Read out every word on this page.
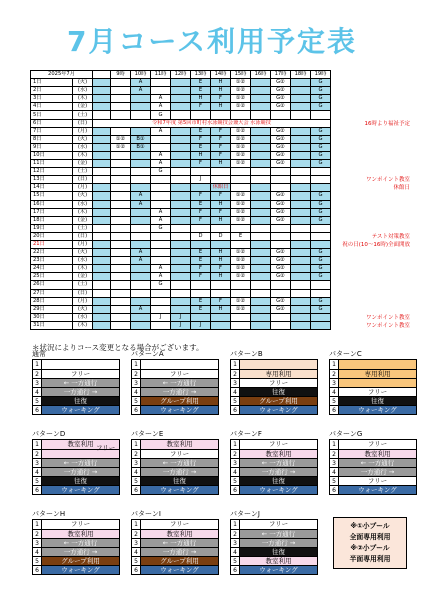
7月コース利用予定表
2025年7月			9時	10時	11時	12時	13時	14時	15時	16時	17時	18時	19時	
1日	(火)			A			E	H	①②		G②		G	
2日	(水)			A			E	H	①②		G②		G	
3日	(木)				A		H	F	①②		G②		G	
4日	(金)				A		F	H	①②		G②		G	
5日	(土)				G									
6日	(日)	令和7年度 第5回市町村水泳競技会兼大会 水泳競技												
7日	(月)				A		E	F	①②		G②		G	
8日	(火)		①②	B①			F	F	①②		G②		G	
9日	(水)		①②	B①			E	F	①②		G②		G	
10日	(木)				A		H	F	①②		G②		G	
11日	(金)				A		F	H	①②		G②		G	
12日	(土)				G									
13日	(日)						J							
14日	(月)							休館日						
15日	(火)			A			F	F	①②		G②		G	
16日	(水)			A			E	H	①②		G②		G	
17日	(木)				A		F	F	①②		G②		G	
18日	(金)				A		F	H	①②		G②		G	
19日	(土)				G									
20日	(日)						D	D	E					
21日	(月)													
22日	(火)			A			E	H	①②		G②		G	
23日	(水)			A			E	H	①②		G②		G	
24日	(木)				A		F	F	①②		G②		G	
25日	(金)				A		F	H	①②		G②		G	
26日	(土)				G									
27日	(日)													
28日	(月)						E	F	①②		G②		G	
29日	(火)			A			E	H	①②		G②		G	
30日	(水)				J	J								
31日	(木)					J	J							
＊状況によりコース変更となる場合がございます。
通常
1
2	フリー
3	← 一方通行
4	一方通行 →
5	往復
6	ウォーキング
パターンA
1
2	フリー
3	← 一方通行
4	一方通行 →
5	グループ利用
6	ウォーキング
パターンB
1
2	専用利用
3	フリー
4	往復
5	グループ利用
6	ウォーキング
パターンC
1
2	専用利用
3
4	フリー
5	往復
6	ウォーキング
パターンD
1	教室利用
2
3	← 一方通行
4	一方通行 →
5	往復
6	ウォーキング
フリー
パターンE
1	教室利用
2	フリー
3	← 一方通行
4	一方通行 →
5	往復
6	ウォーキング
パターンF
1	フリー
2	教室利用
3	← 一方通行
4	一方通行 →
5	往復
6	ウォーキング
パターンG
1	フリー
2	教室利用
3	← 一方通行
4	一方通行 →
5	フリー
6	ウォーキング
パターンH
1	フリー
2	教室利用
3	← 一方通行
4	一方通行 →
5	グループ利用
6	ウォーキング
パターンI
1	フリー
2	教室利用
3	← 一方通行
4	一方通行 →
5	グループ利用
6	ウォーキング
パターンJ
1	フリー
2	← 一方通行
3	一方通行 →
4	往復
5	教室利用
6	ウォーキング
※①小プール
全面専用利用
※②小プール
半面専用利用
16時より福祉予定
ワンポイント教室
休館日
テスト対策教室
祝の日(10～16時)全面開放
ワンポイント教室
ワンポイント教室
